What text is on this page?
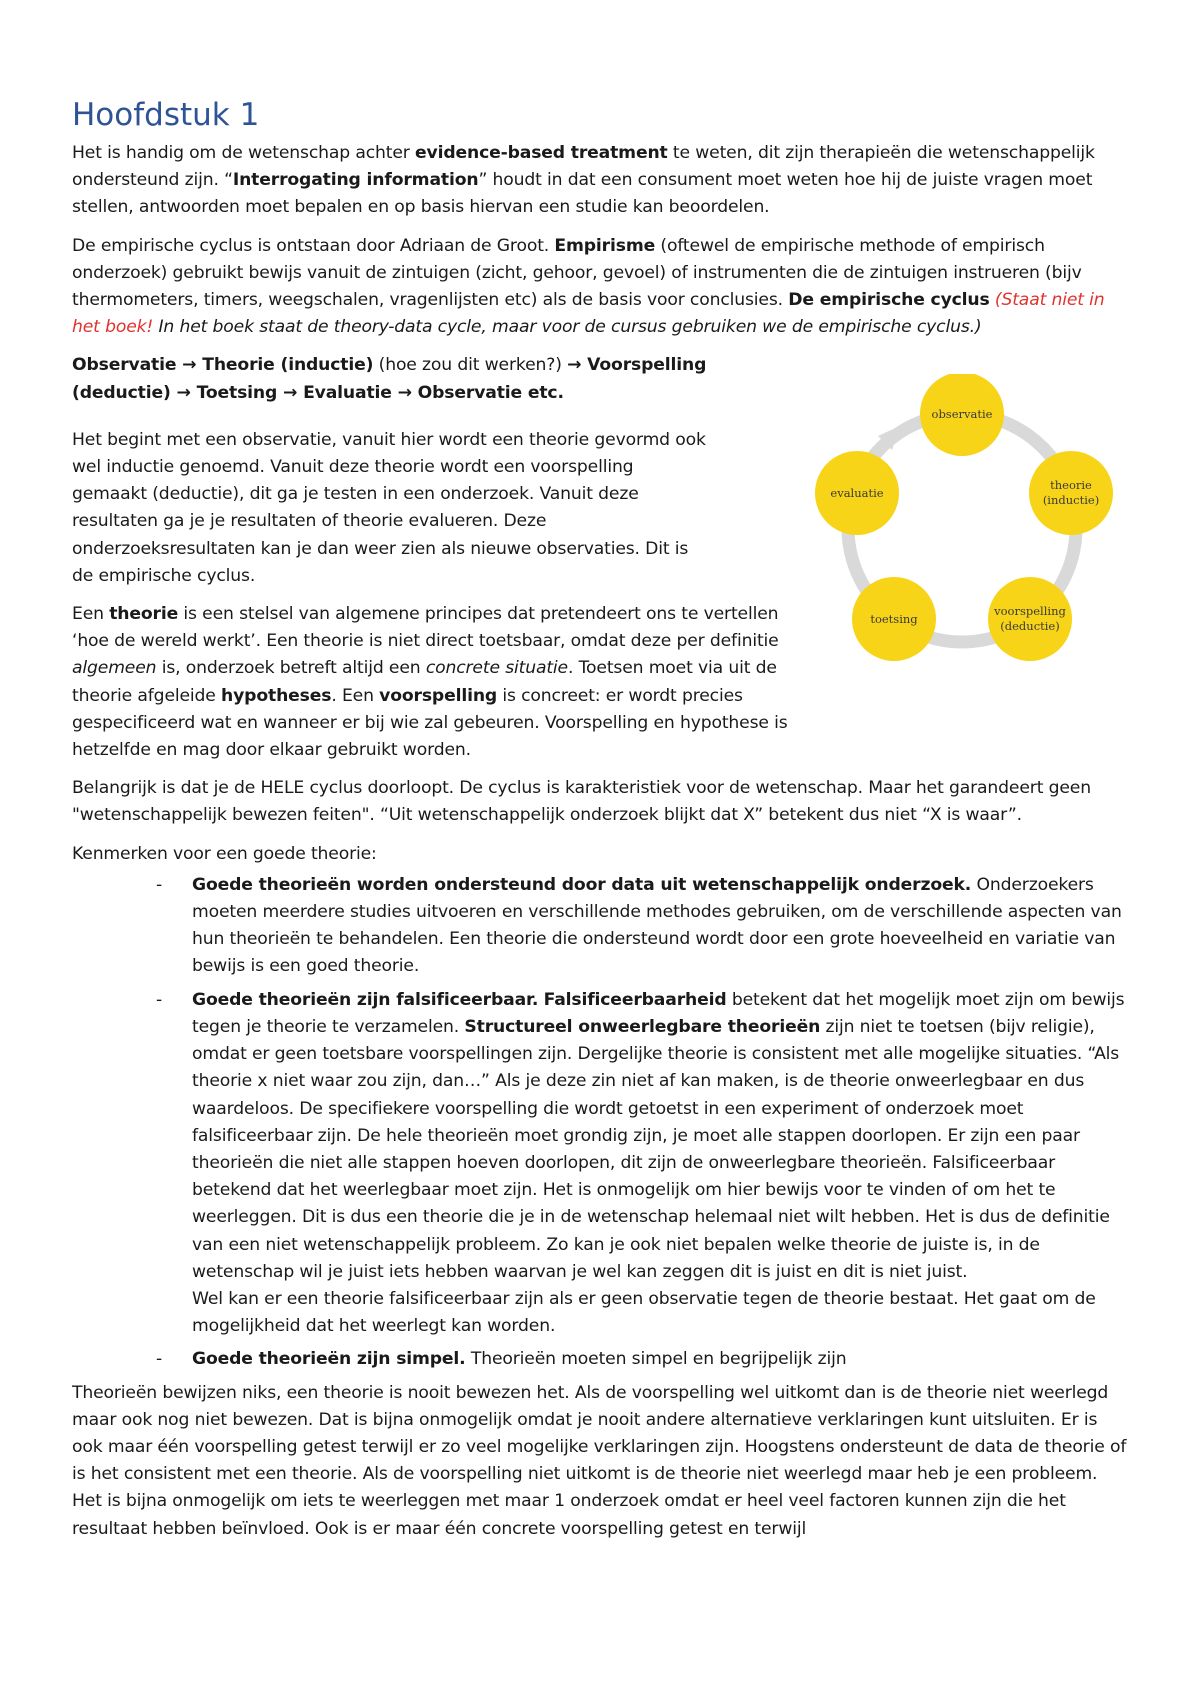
Hoofdstuk 1

Het is handig om de wetenschap achter evidence-based treatment te weten, dit zijn therapieën die wetenschappelijk ondersteund zijn. “Interrogating information” houdt in dat een consument moet weten hoe hij de juiste vragen moet stellen, antwoorden moet bepalen en op basis hiervan een studie kan beoordelen.

De empirische cyclus is ontstaan door Adriaan de Groot. Empirisme (oftewel de empirische methode of empirisch onderzoek) gebruikt bewijs vanuit de zintuigen (zicht, gehoor, gevoel) of instrumenten die de zintuigen instrueren (bijv thermometers, timers, weegschalen, vragenlijsten etc) als de basis voor conclusies. De empirische cyclus (Staat niet in het boek! In het boek staat de theory-data cycle, maar voor de cursus gebruiken we de empirische cyclus.)

Observatie → Theorie (inductie) (hoe zou dit werken?) → Voorspelling (deductie) → Toetsing → Evaluatie → Observatie etc.

Het begint met een observatie, vanuit hier wordt een theorie gevormd ook wel inductie genoemd. Vanuit deze theorie wordt een voorspelling gemaakt (deductie), dit ga je testen in een onderzoek. Vanuit deze resultaten ga je je resultaten of theorie evalueren. Deze onderzoeksresultaten kan je dan weer zien als nieuwe observaties. Dit is de empirische cyclus.

Een theorie is een stelsel van algemene principes dat pretendeert ons te vertellen ‘hoe de wereld werkt’. Een theorie is niet direct toetsbaar, omdat deze per definitie algemeen is, onderzoek betreft altijd een concrete situatie. Toetsen moet via uit de theorie afgeleide hypotheses. Een voorspelling is concreet: er wordt precies gespecificeerd wat en wanneer er bij wie zal gebeuren. Voorspelling en hypothese is hetzelfde en mag door elkaar gebruikt worden.

Belangrijk is dat je de HELE cyclus doorloopt. De cyclus is karakteristiek voor de wetenschap. Maar het garandeert geen "wetenschappelijk bewezen feiten". “Uit wetenschappelijk onderzoek blijkt dat X” betekent dus niet “X is waar”.

Kenmerken voor een goede theorie:

- Goede theorieën worden ondersteund door data uit wetenschappelijk onderzoek. Onderzoekers moeten meerdere studies uitvoeren en verschillende methodes gebruiken, om de verschillende aspecten van hun theorieën te behandelen. Een theorie die ondersteund wordt door een grote hoeveelheid en variatie van bewijs is een goed theorie.
- Goede theorieën zijn falsificeerbaar. Falsificeerbaarheid betekent dat het mogelijk moet zijn om bewijs tegen je theorie te verzamelen. Structureel onweerlegbare theorieën zijn niet te toetsen (bijv religie), omdat er geen toetsbare voorspellingen zijn. Dergelijke theorie is consistent met alle mogelijke situaties. “Als theorie x niet waar zou zijn, dan…” Als je deze zin niet af kan maken, is de theorie onweerlegbaar en dus waardeloos. De specifiekere voorspelling die wordt getoetst in een experiment of onderzoek moet falsificeerbaar zijn. De hele theorieën moet grondig zijn, je moet alle stappen doorlopen. Er zijn een paar theorieën die niet alle stappen hoeven doorlopen, dit zijn de onweerlegbare theorieën. Falsificeerbaar betekend dat het weerlegbaar moet zijn. Het is onmogelijk om hier bewijs voor te vinden of om het te weerleggen. Dit is dus een theorie die je in de wetenschap helemaal niet wilt hebben. Het is dus de definitie van een niet wetenschappelijk probleem. Zo kan je ook niet bepalen welke theorie de juiste is, in de wetenschap wil je juist iets hebben waarvan je wel kan zeggen dit is juist en dit is niet juist.
Wel kan er een theorie falsificeerbaar zijn als er geen observatie tegen de theorie bestaat. Het gaat om de mogelijkheid dat het weerlegt kan worden.
- Goede theorieën zijn simpel. Theorieën moeten simpel en begrijpelijk zijn

Theorieën bewijzen niks, een theorie is nooit bewezen het. Als de voorspelling wel uitkomt dan is de theorie niet weerlegd maar ook nog niet bewezen. Dat is bijna onmogelijk omdat je nooit andere alternatieve verklaringen kunt uitsluiten. Er is ook maar één voorspelling getest terwijl er zo veel mogelijke verklaringen zijn. Hoogstens ondersteunt de data de theorie of is het consistent met een theorie. Als de voorspelling niet uitkomt is de theorie niet weerlegd maar heb je een probleem. Het is bijna onmogelijk om iets te weerleggen met maar 1 onderzoek omdat er heel veel factoren kunnen zijn die het resultaat hebben beïnvloed. Ook is er maar één concrete voorspelling getest en terwijl

observatie
theorie
(inductie)
voorspelling
(deductie)
toetsing
evaluatie
